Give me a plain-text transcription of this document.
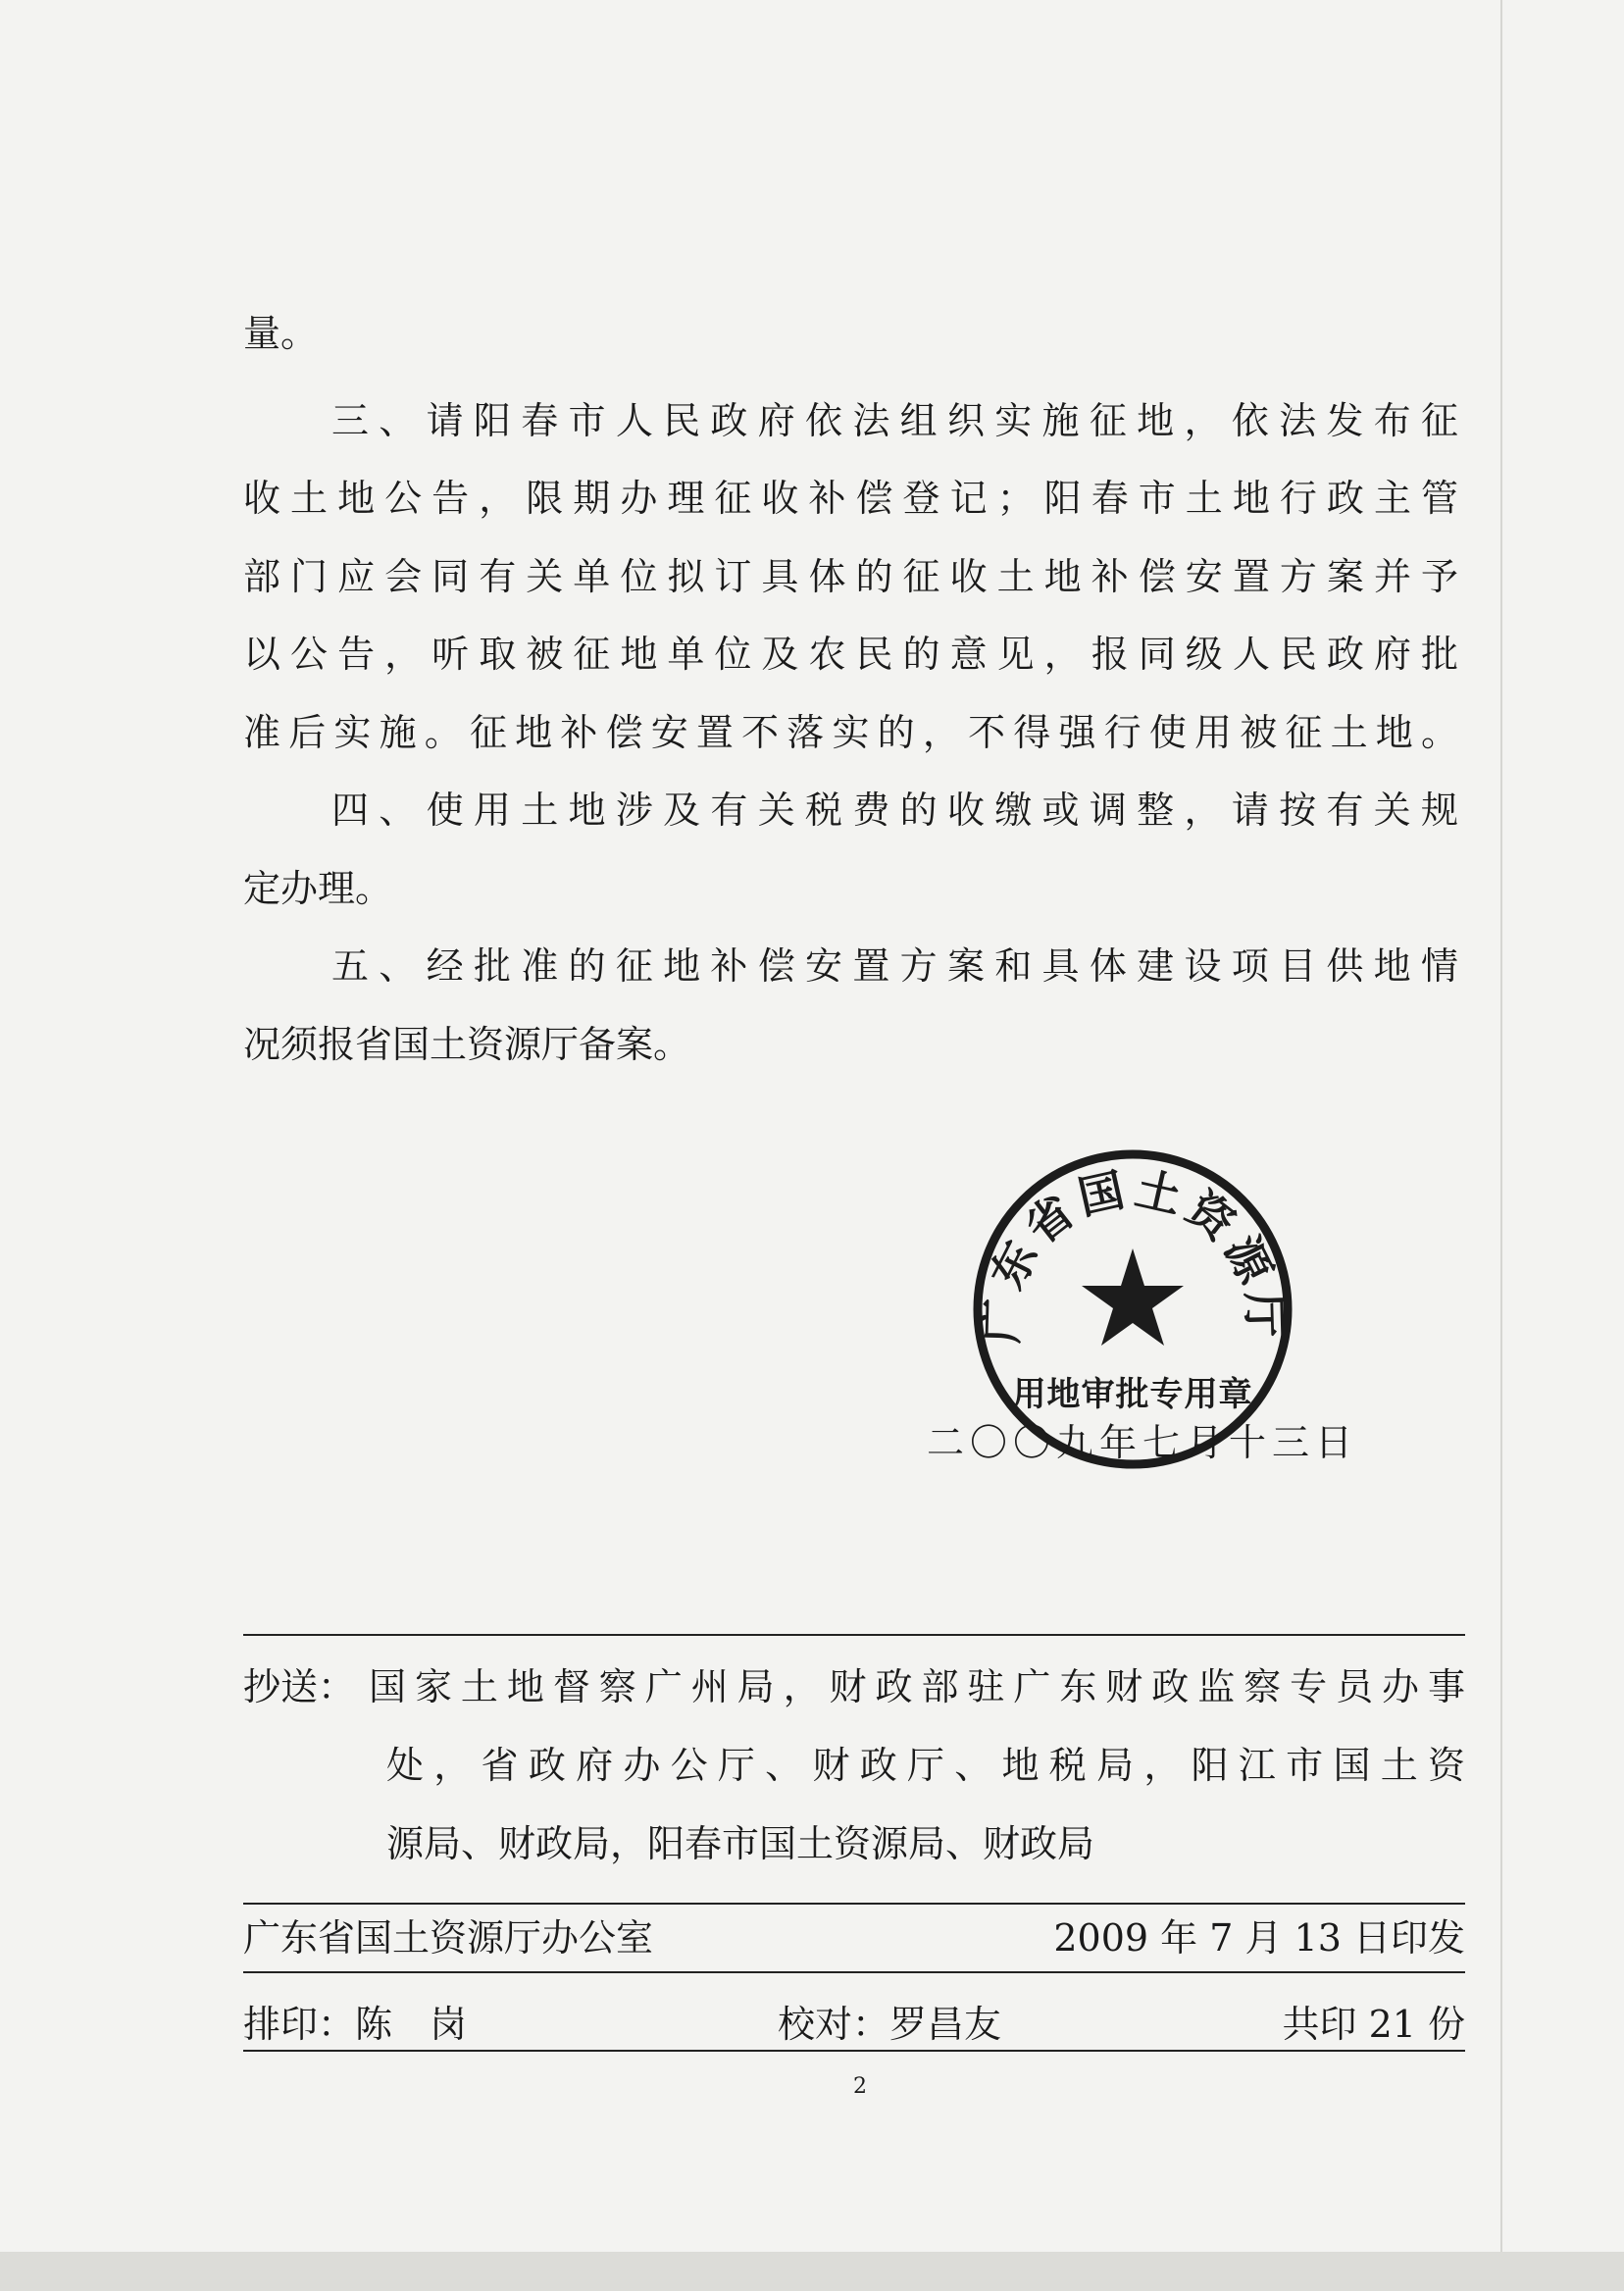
量。
三、请阳春市人民政府依法组织实施征地，依法发布征
收土地公告，限期办理征收补偿登记；阳春市土地行政主管
部门应会同有关单位拟订具体的征收土地补偿安置方案并予
以公告，听取被征地单位及农民的意见，报同级人民政府批
准后实施。征地补偿安置不落实的，不得强行使用被征土地。
四、使用土地涉及有关税费的收缴或调整，请按有关规
定办理。
五、经批准的征地补偿安置方案和具体建设项目供地情
况须报省国土资源厅备案。
广东省国土资源厅
用地审批专用章
二〇〇九年七月十三日
抄送： 国家土地督察广州局，财政部驻广东财政监察专员办事
处，省政府办公厅、财政厅、地税局，阳江市国土资
源局、财政局，阳春市国土资源局、财政局
广东省国土资源厅办公室	2009 年 7 月 13 日印发
排印：陈　岗	校对：罗昌友	共印 21 份
2
